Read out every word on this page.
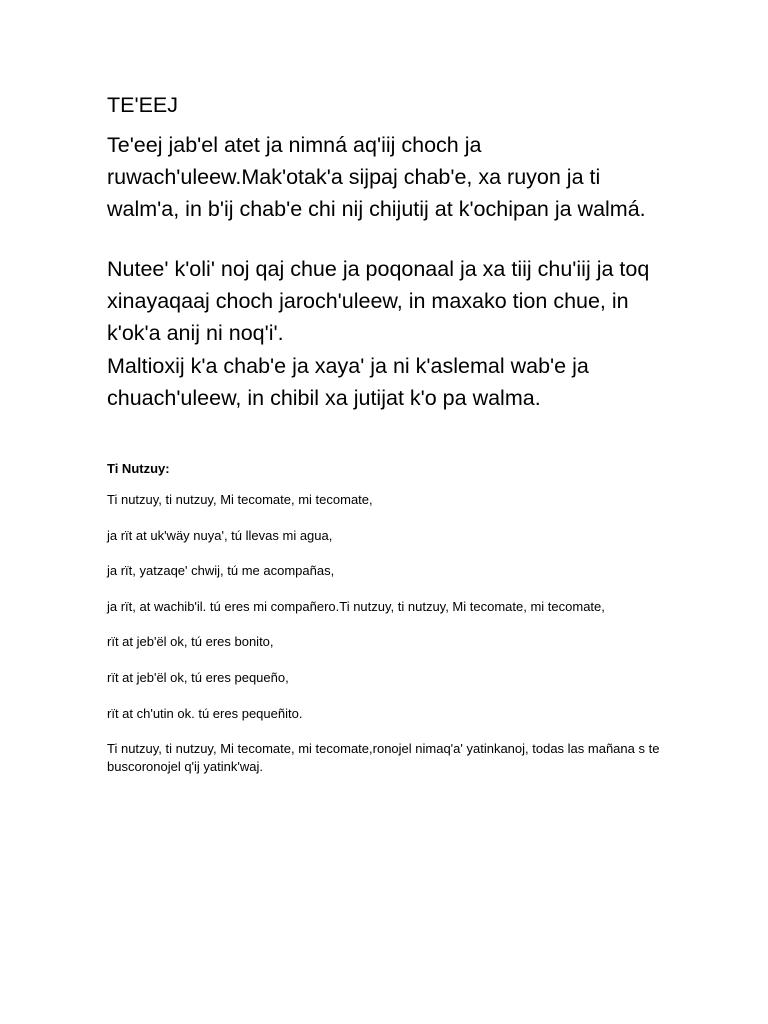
TE'EEJ

Te'eej jab'el atet ja nimná aq'iij choch ja ruwach'uleew.Mak'otak'a sijpaj chab'e, xa ruyon ja ti walm'a, in b'ij chab'e chi nij chijutij at k'ochipan ja walmá.

Nutee' k'oli' noj qaj chue ja poqonaal ja xa tiij chu'iij ja toq xinayaqaaj choch jaroch'uleew, in maxako tion chue, in k'ok'a anij ni noq'i'.

Maltioxij k'a chab'e ja xaya' ja ni k'aslemal wab'e ja chuach'uleew, in chibil xa jutijat k'o pa walma.

Ti Nutzuy:

Ti nutzuy, ti nutzuy, Mi tecomate, mi tecomate,

ja rït at uk'wäy nuya', tú llevas mi agua,

ja rït, yatzaqe' chwij, tú me acompañas,

ja rït, at wachib'il. tú eres mi compañero.Ti nutzuy, ti nutzuy, Mi tecomate, mi tecomate,

rït at jeb'ël ok, tú eres bonito,

rït at jeb'ël ok, tú eres pequeño,

rït at ch'utin ok. tú eres pequeñito.

Ti nutzuy, ti nutzuy, Mi tecomate, mi tecomate,ronojel nimaq'a' yatinkanoj, todas las mañana s te buscoronojel q'ij yatink'waj.
